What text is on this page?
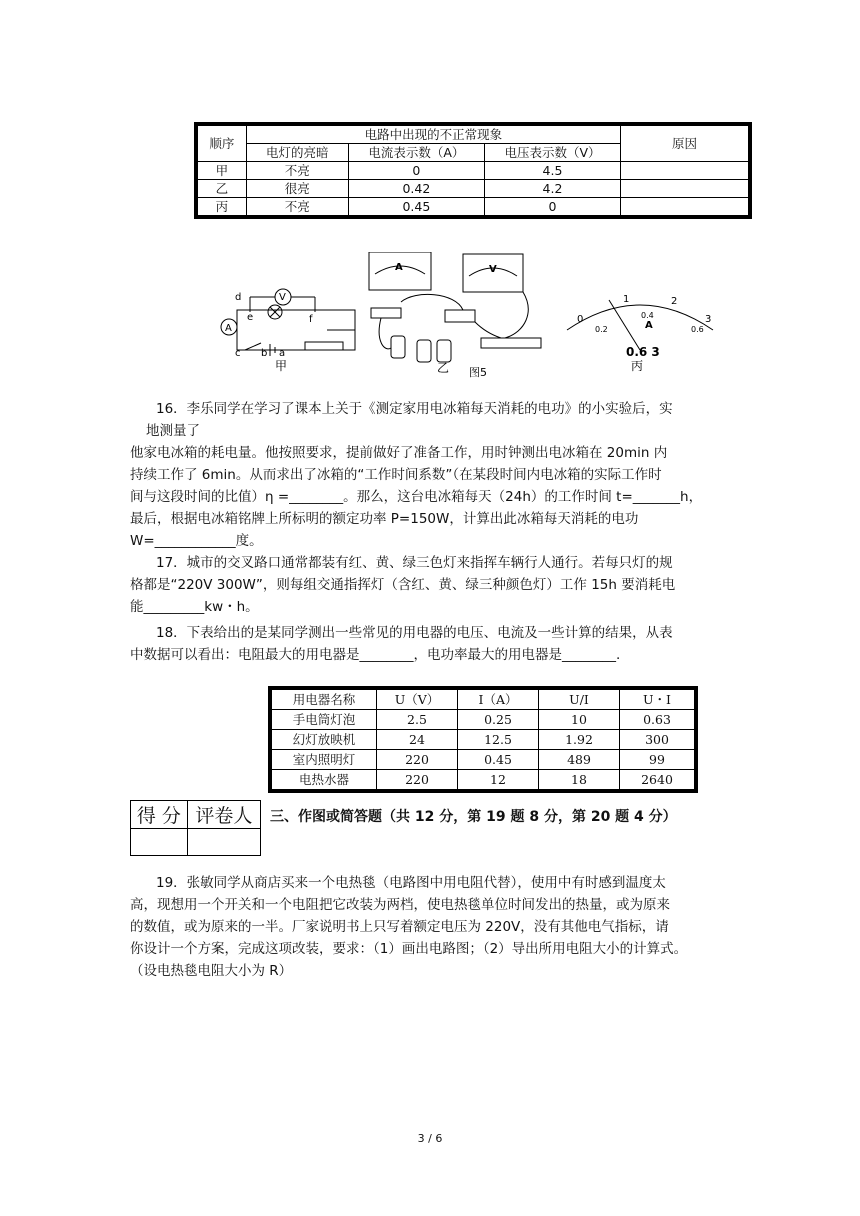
顺序	电路中出现的不正常现象			原因
	电灯的亮暗	电流表示数（A）	电压表示数（V）	
甲	不亮	0	4.5	
乙	很亮	0.42	4.2	
丙	不亮	0.45	0	
d
e	f
c b a
V
A
A	V
A
0
1	2
3
0.2
0.4
0.6
0.6 3
甲	乙	丙
图5
16．李乐同学在学习了课本上关于《测定家用电冰箱每天消耗的电功》的小实验后，实
地测量了
他家电冰箱的耗电量。他按照要求，提前做好了准备工作，用时钟测出电冰箱在 20min 内
持续工作了 6min。从而求出了冰箱的“工作时间系数”（在某段时间内电冰箱的实际工作时
间与这段时间的比值）η =________。那么，这台电冰箱每天（24h）的工作时间 t=_______h，
最后，根据电冰箱铭牌上所标明的额定功率 P=150W，计算出此冰箱每天消耗的电功
W=____________度。
17．城市的交叉路口通常都装有红、黄、绿三色灯来指挥车辆行人通行。若每只灯的规
格都是“220V 300W”，则每组交通指挥灯（含红、黄、绿三种颜色灯）工作 15h 要消耗电
能_________kw・h。
18．下表给出的是某同学测出一些常见的用电器的电压、电流及一些计算的结果，从表
中数据可以看出：电阻最大的用电器是________，电功率最大的用电器是________.
用电器名称	U（V）	I（A）	U/I	U・I
手电筒灯泡	2.5	0.25	10	0.63
幻灯放映机	24	12.5	1.92	300
室内照明灯	220	0.45	489	99
电热水器	220	12	18	2640
得 分	评卷人
	三、作图或简答题（共 12 分，第 19 题 8 分，第 20 题 4 分）
19．张敏同学从商店买来一个电热毯（电路图中用电阻代替），使用中有时感到温度太
高，现想用一个开关和一个电阻把它改装为两档，使电热毯单位时间发出的热量，或为原来
的数值，或为原来的一半。厂家说明书上只写着额定电压为 220V，没有其他电气指标，请
你设计一个方案，完成这项改装，要求：（1）画出电路图；（2）导出所用电阻大小的计算式。
（设电热毯电阻大小为 R）
3 / 6
